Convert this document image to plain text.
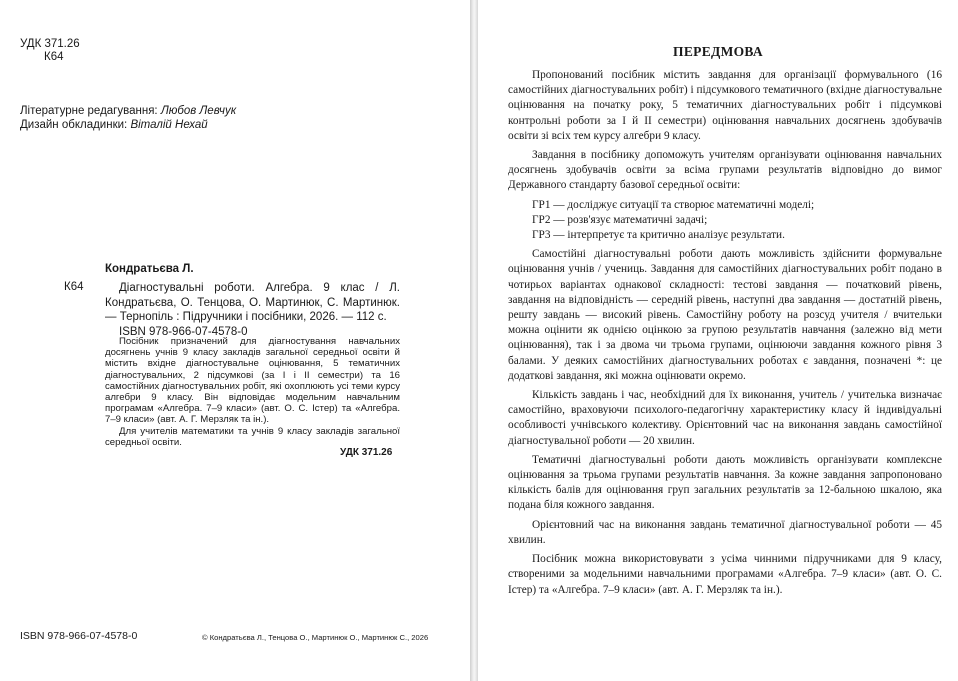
УДК 371.26
К64
Літературне редагування: Любов Левчук
Дизайн обкладинки: Віталій Нехай
Кондратьєва Л.
К64	Діагностувальні роботи. Алгебра. 9 клас / Л. Кондратьєва, О. Тенцова, О. Мартинюк, С. Мартинюк. — Тернопіль : Підручники і посібники, 2026. — 112 с.
ISBN 978-966-07-4578-0

Посібник призначений для діагностування навчальних досягнень учнів 9 класу закладів загальної середньої освіти й містить вхідне діагностувальне оцінювання, 5 тематичних діагностувальних, 2 підсумкові (за І і ІІ семестри) та 16 самостійних діагностувальних робіт, які охоплюють усі теми курсу алгебри 9 класу. Він відповідає модельним навчальним програмам «Алгебра. 7–9 класи» (авт. О. С. Істер) та «Алгебра. 7–9 класи» (авт. А. Г. Мерзляк та ін.).

Для учителів математики та учнів 9 класу закладів загальної середньої освіти.

УДК 371.26
ISBN 978-966-07-4578-0	© Кондратьєва Л., Тенцова О., Мартинюк О., Мартинюк С., 2026
ПЕРЕДМОВА

Пропонований посібник містить завдання для організації формувального (16 самостійних діагностувальних робіт) і підсумкового тематичного (вхідне діагностувальне оцінювання на початку року, 5 тематичних діагностувальних робіт і підсумкові контрольні роботи за І й ІІ семестри) оцінювання навчальних досягнень здобувачів освіти зі всіх тем курсу алгебри 9 класу.

Завдання в посібнику допоможуть учителям організувати оцінювання навчальних досягнень здобувачів освіти за всіма групами результатів відповідно до вимог Державного стандарту базової середньої освіти:

ГР1 — досліджує ситуації та створює математичні моделі;

ГР2 — розв'язує математичні задачі;

ГР3 — інтерпретує та критично аналізує результати.

Самостійні діагностувальні роботи дають можливість здійснити формувальне оцінювання учнів / учениць. Завдання для самостійних діагностувальних робіт подано в чотирьох варіантах однакової складності: тестові завдання — початковий рівень, завдання на відповідність — середній рівень, наступні два завдання — достатній рівень, решту завдань — високий рівень. Самостійну роботу на розсуд учителя / вчительки можна оцінити як однією оцінкою за групою результатів навчання (залежно від мети оцінювання), так і за двома чи трьома групами, оцінюючи завдання кожного рівня 3 балами. У деяких самостійних діагностувальних роботах є завдання, позначені *: це додаткові завдання, які можна оцінювати окремо.

Кількість завдань і час, необхідний для їх виконання, учитель / учителька визначає самостійно, враховуючи психолого-педагогічну характеристику класу й індивідуальні особливості учнівського колективу. Орієнтовний час на виконання завдань самостійної діагностувальної роботи — 20 хвилин.

Тематичні діагностувальні роботи дають можливість організувати комплексне оцінювання за трьома групами результатів навчання. За кожне завдання запропоновано кількість балів для оцінювання груп загальних результатів за 12-бальною шкалою, яка подана біля кожного завдання.

Орієнтовний час на виконання завдань тематичної діагностувальної роботи — 45 хвилин.

Посібник можна використовувати з усіма чинними підручниками для 9 класу, створеними за модельними навчальними програмами «Алгебра. 7–9 класи» (авт. О. С. Істер) та «Алгебра. 7–9 класи» (авт. А. Г. Мерзляк та ін.).
